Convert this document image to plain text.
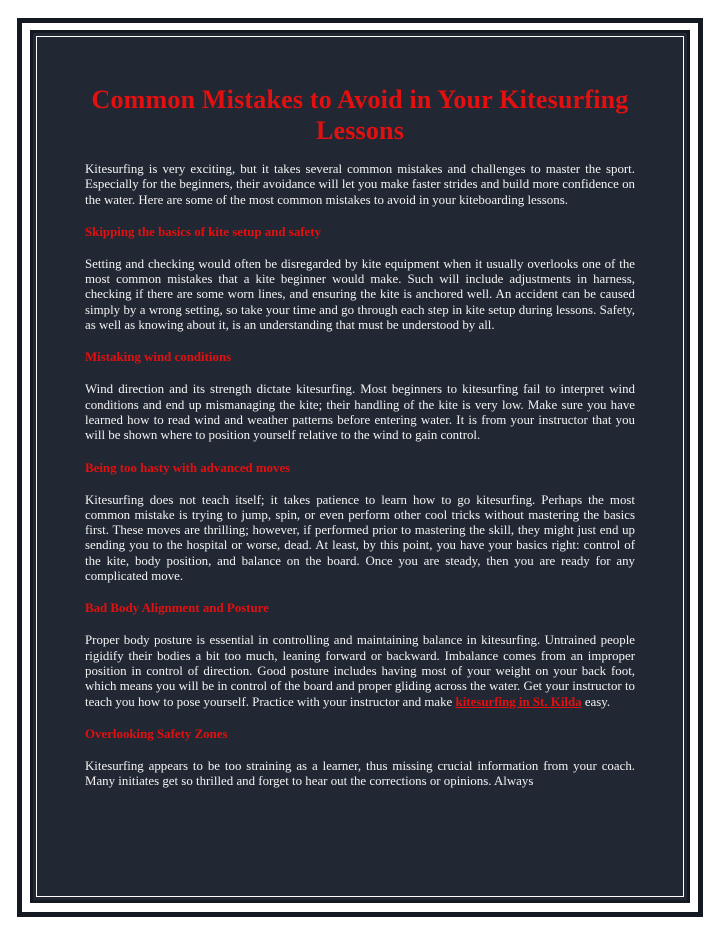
Common Mistakes to Avoid in Your Kitesurfing Lessons

Kitesurfing is very exciting, but it takes several common mistakes and challenges to master the sport. Especially for the beginners, their avoidance will let you make faster strides and build more confidence on the water. Here are some of the most common mistakes to avoid in your kiteboarding lessons.

Skipping the basics of kite setup and safety

Setting and checking would often be disregarded by kite equipment when it usually overlooks one of the most common mistakes that a kite beginner would make. Such will include adjustments in harness, checking if there are some worn lines, and ensuring the kite is anchored well. An accident can be caused simply by a wrong setting, so take your time and go through each step in kite setup during lessons. Safety, as well as knowing about it, is an understanding that must be understood by all.

Mistaking wind conditions

Wind direction and its strength dictate kitesurfing. Most beginners to kitesurfing fail to interpret wind conditions and end up mismanaging the kite; their handling of the kite is very low. Make sure you have learned how to read wind and weather patterns before entering water. It is from your instructor that you will be shown where to position yourself relative to the wind to gain control.

Being too hasty with advanced moves

Kitesurfing does not teach itself; it takes patience to learn how to go kitesurfing. Perhaps the most common mistake is trying to jump, spin, or even perform other cool tricks without mastering the basics first. These moves are thrilling; however, if performed prior to mastering the skill, they might just end up sending you to the hospital or worse, dead. At least, by this point, you have your basics right: control of the kite, body position, and balance on the board. Once you are steady, then you are ready for any complicated move.

Bad Body Alignment and Posture

Proper body posture is essential in controlling and maintaining balance in kitesurfing. Untrained people rigidify their bodies a bit too much, leaning forward or backward. Imbalance comes from an improper position in control of direction. Good posture includes having most of your weight on your back foot, which means you will be in control of the board and proper gliding across the water. Get your instructor to teach you how to pose yourself. Practice with your instructor and make kitesurfing in St. Kilda easy.

Overlooking Safety Zones

Kitesurfing appears to be too straining as a learner, thus missing crucial information from your coach. Many initiates get so thrilled and forget to hear out the corrections or opinions. Always
